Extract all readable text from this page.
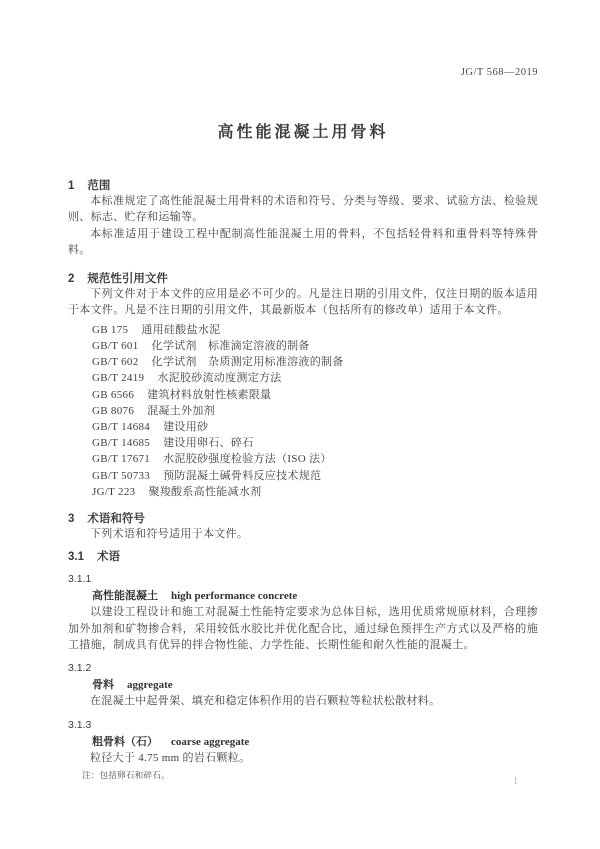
JG/T 568—2019
高性能混凝土用骨料
1 范围

本标准规定了高性能混凝土用骨料的术语和符号、分类与等级、要求、试验方法、检验规则、标志、贮存和运输等。

本标准适用于建设工程中配制高性能混凝土用的骨料，不包括轻骨料和重骨料等特殊骨料。

2 规范性引用文件

下列文件对于本文件的应用是必不可少的。凡是注日期的引用文件，仅注日期的版本适用于本文件。凡是不注日期的引用文件，其最新版本（包括所有的修改单）适用于本文件。

GB 175 通用硅酸盐水泥
GB/T 601 化学试剂　标准滴定溶液的制备
GB/T 602 化学试剂　杂质测定用标准溶液的制备
GB/T 2419 水泥胶砂流动度测定方法
GB 6566 建筑材料放射性核素限量
GB 8076 混凝土外加剂
GB/T 14684 建设用砂
GB/T 14685 建设用卵石、碎石
GB/T 17671 水泥胶砂强度检验方法（ISO 法）
GB/T 50733 预防混凝土碱骨料反应技术规范
JG/T 223 聚羧酸系高性能减水剂
3 术语和符号

下列术语和符号适用于本文件。

3.1 术语
3.1.1
高性能混凝土 high performance concrete

以建设工程设计和施工对混凝土性能特定要求为总体目标，选用优质常规原材料，合理掺加外加剂和矿物掺合料，采用较低水胶比并优化配合比，通过绿色预拌生产方式以及严格的施工措施，制成具有优异的拌合物性能、力学性能、长期性能和耐久性能的混凝土。

3.1.2
骨料 aggregate

在混凝土中起骨架、填充和稳定体积作用的岩石颗粒等粒状松散材料。

3.1.3
粗骨料（石） coarse aggregate

粒径大于 4.75 mm 的岩石颗粒。

注：包括卵石和碎石。
1
